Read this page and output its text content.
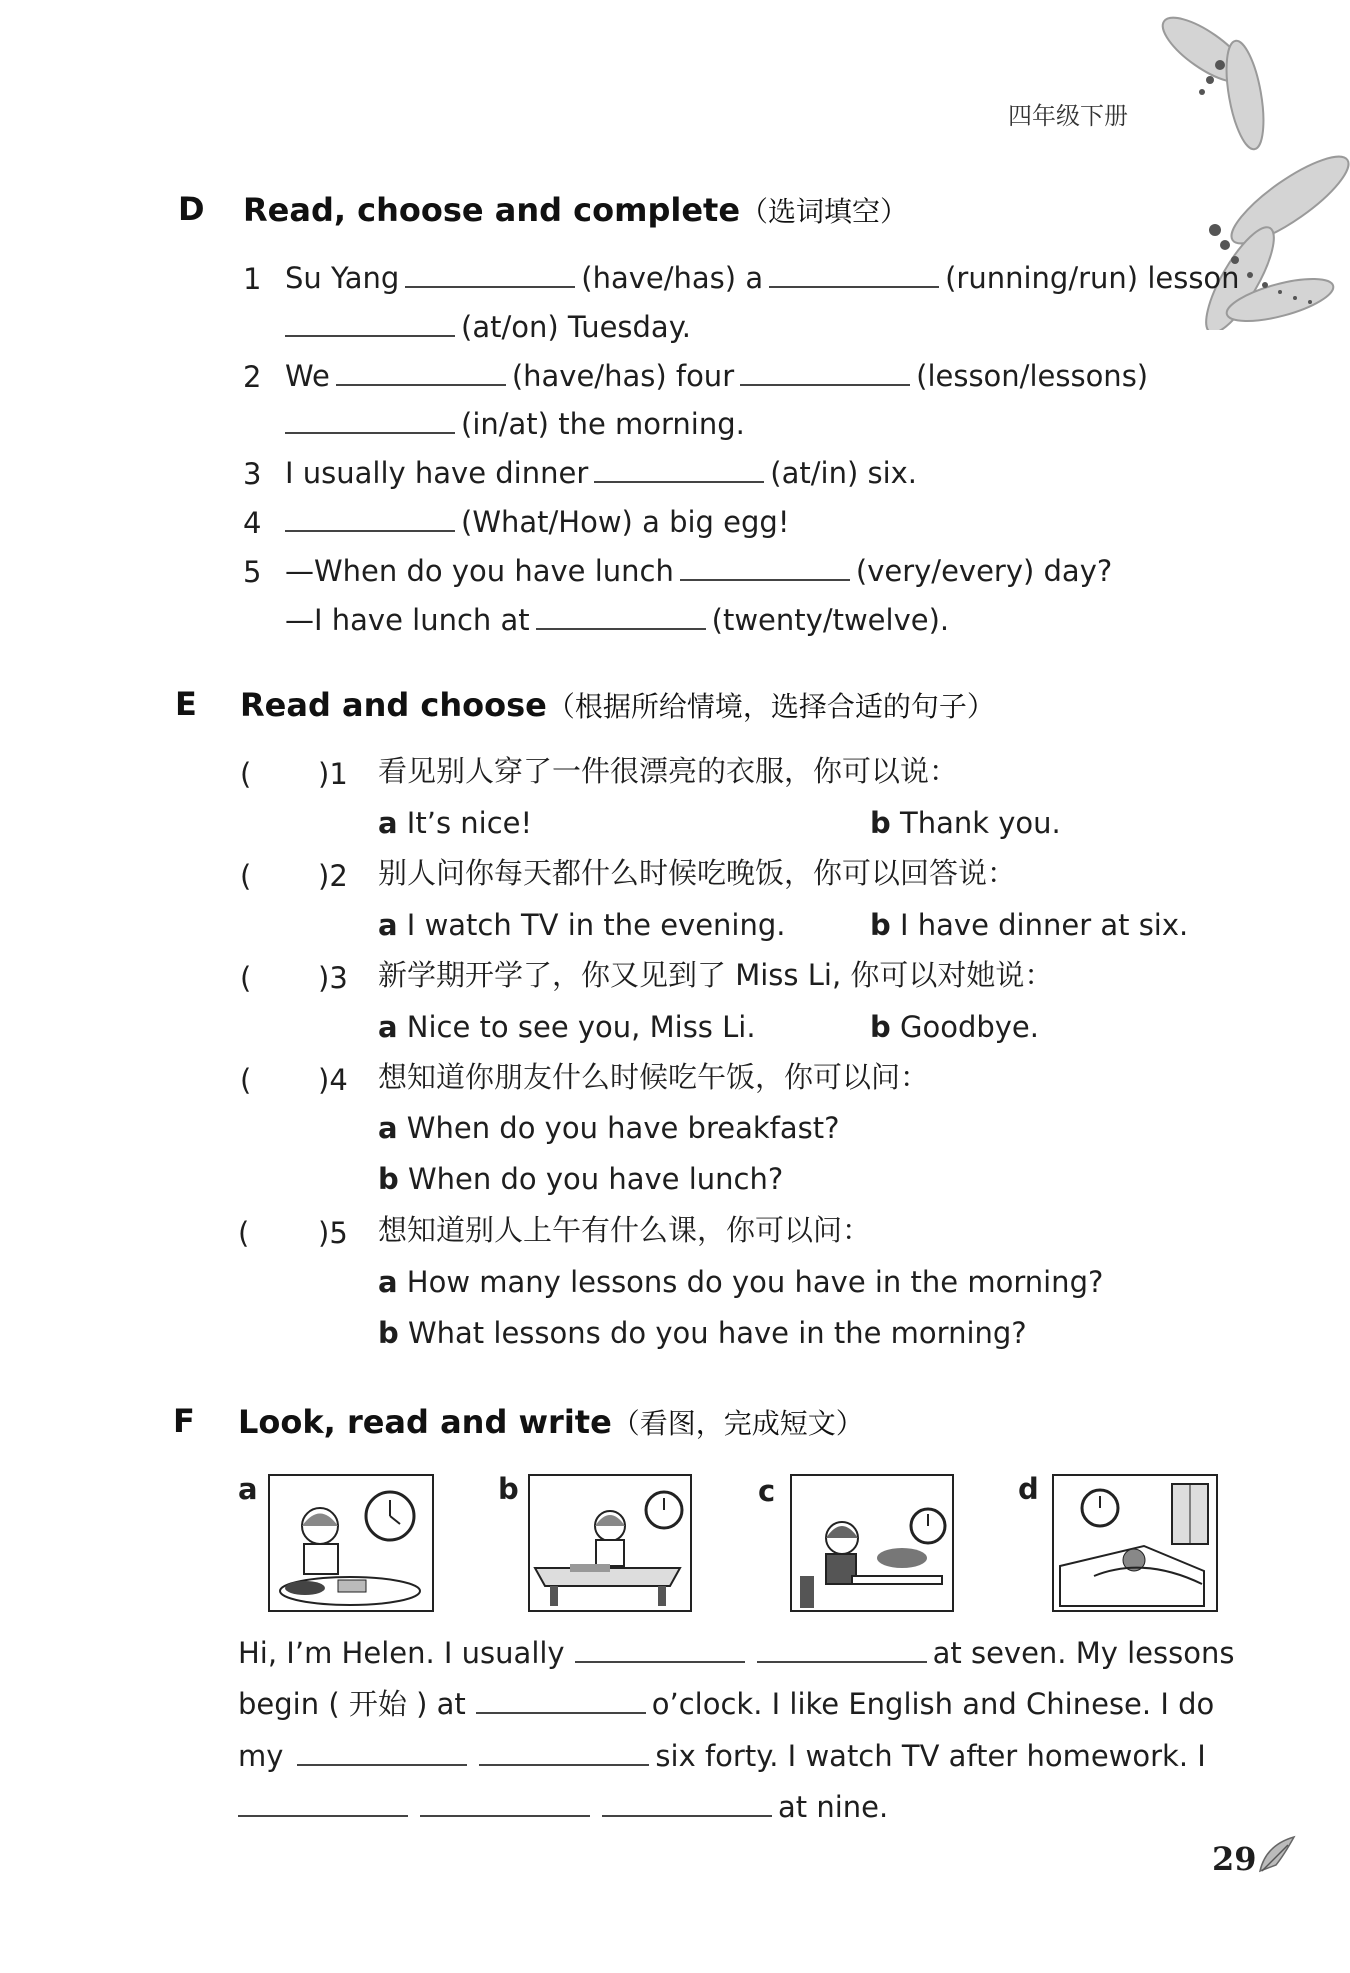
四年级下册
D Read, choose and complete（选词填空）
1 Su Yang	(have/has) a	(running/run) lesson
(at/on) Tuesday.
2 We	(have/has) four	(lesson/lessons)
(in/at) the morning.
3 I usually have dinner	(at/in) six.
4	(What/How) a big egg!
5 —When do you have lunch	(very/every) day?
—I have lunch at	(twenty/twelve).
E Read and choose（根据所给情境，选择合适的句子）
( )1 看见别人穿了一件很漂亮的衣服，你可以说：
a It’s nice!	b Thank you.
( )2 别人问你每天都什么时候吃晚饭，你可以回答说：
a I watch TV in the evening.	b I have dinner at six.
( )3 新学期开学了，你又见到了 Miss Li, 你可以对她说：
a Nice to see you, Miss Li.	b Goodbye.
( )4 想知道你朋友什么时候吃午饭，你可以问：
a When do you have breakfast?
b When do you have lunch?
( )5 想知道别人上午有什么课，你可以问：
a How many lessons do you have in the morning?
b What lessons do you have in the morning?
F Look, read and write（看图，完成短文）
a	b	c	d
Hi, I’m Helen. I usually	at seven. My lessons
begin ( 开始 ) at	o’clock. I like English and Chinese. I do
my	six forty. I watch TV after homework. I
at nine.
29
